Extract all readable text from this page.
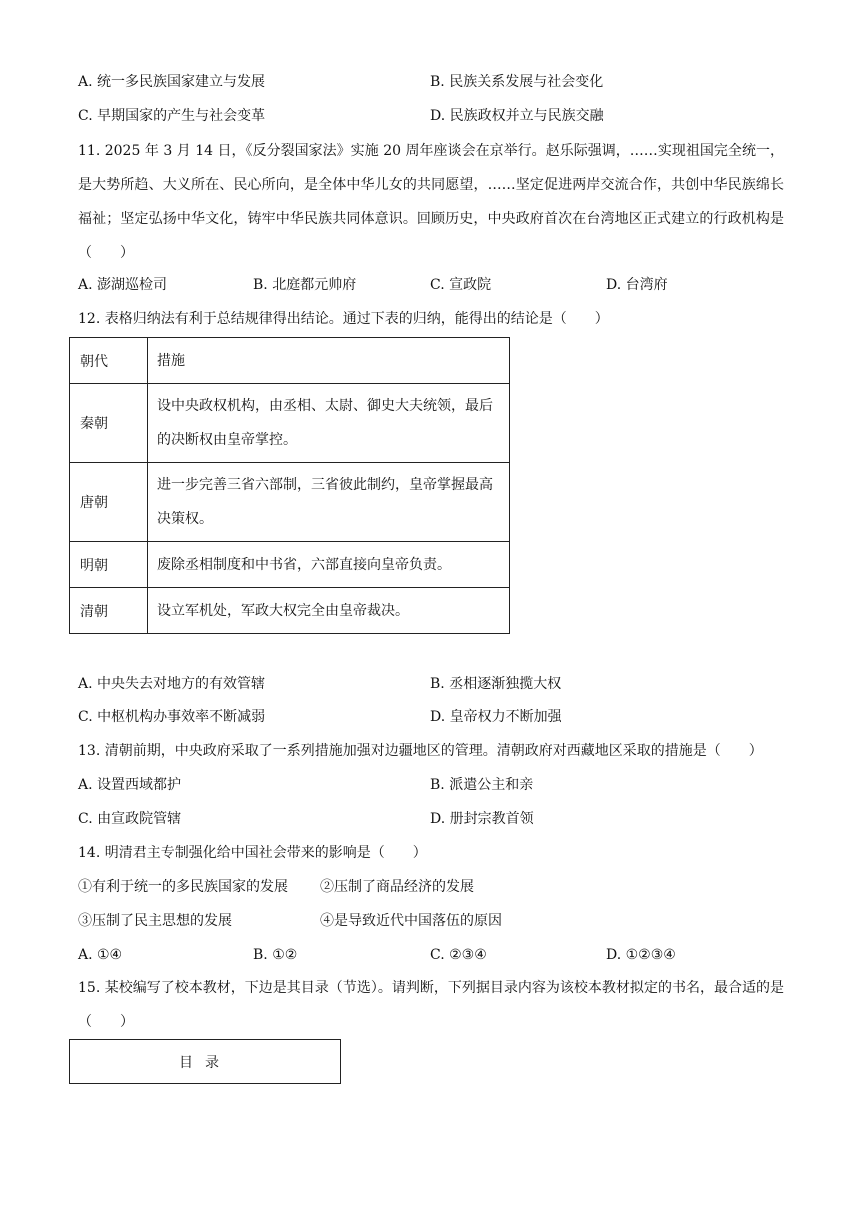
A. 统一多民族国家建立与发展	B. 民族关系发展与社会变化
C. 早期国家的产生与社会变革	D. 民族政权并立与民族交融
11. 2025 年 3 月 14 日，《反分裂国家法》实施 20 周年座谈会在京举行。赵乐际强调，……实现祖国完全统一，是大势所趋、大义所在、民心所向，是全体中华儿女的共同愿望，……坚定促进两岸交流合作，共创中华民族绵长福祉；坚定弘扬中华文化，铸牢中华民族共同体意识。回顾历史，中央政府首次在台湾地区正式建立的行政机构是（　　）
A. 澎湖巡检司	B. 北庭都元帅府	C. 宣政院	D. 台湾府
12. 表格归纳法有利于总结规律得出结论。通过下表的归纳，能得出的结论是（　　）
朝代	措施
秦朝	设中央政权机构，由丞相、太尉、御史大夫统领，最后的决断权由皇帝掌控。
唐朝	进一步完善三省六部制，三省彼此制约，皇帝掌握最高决策权。
明朝	废除丞相制度和中书省，六部直接向皇帝负责。
清朝	设立军机处，军政大权完全由皇帝裁决。
A. 中央失去对地方的有效管辖	B. 丞相逐渐独揽大权
C. 中枢机构办事效率不断减弱	D. 皇帝权力不断加强
13. 清朝前期，中央政府采取了一系列措施加强对边疆地区的管理。清朝政府对西藏地区采取的措施是（　　）
A. 设置西域都护	B. 派遣公主和亲
C. 由宣政院管辖	D. 册封宗教首领
14. 明清君主专制强化给中国社会带来的影响是（　　）
①有利于统一的多民族国家的发展 ②压制了商品经济的发展
③压制了民主思想的发展	④是导致近代中国落伍的原因
A. ①④	B. ①②	C. ②③④	D. ①②③④
15. 某校编写了校本教材，下边是其目录（节选）。请判断，下列据目录内容为该校本教材拟定的书名，最合适的是（　　）
目录
